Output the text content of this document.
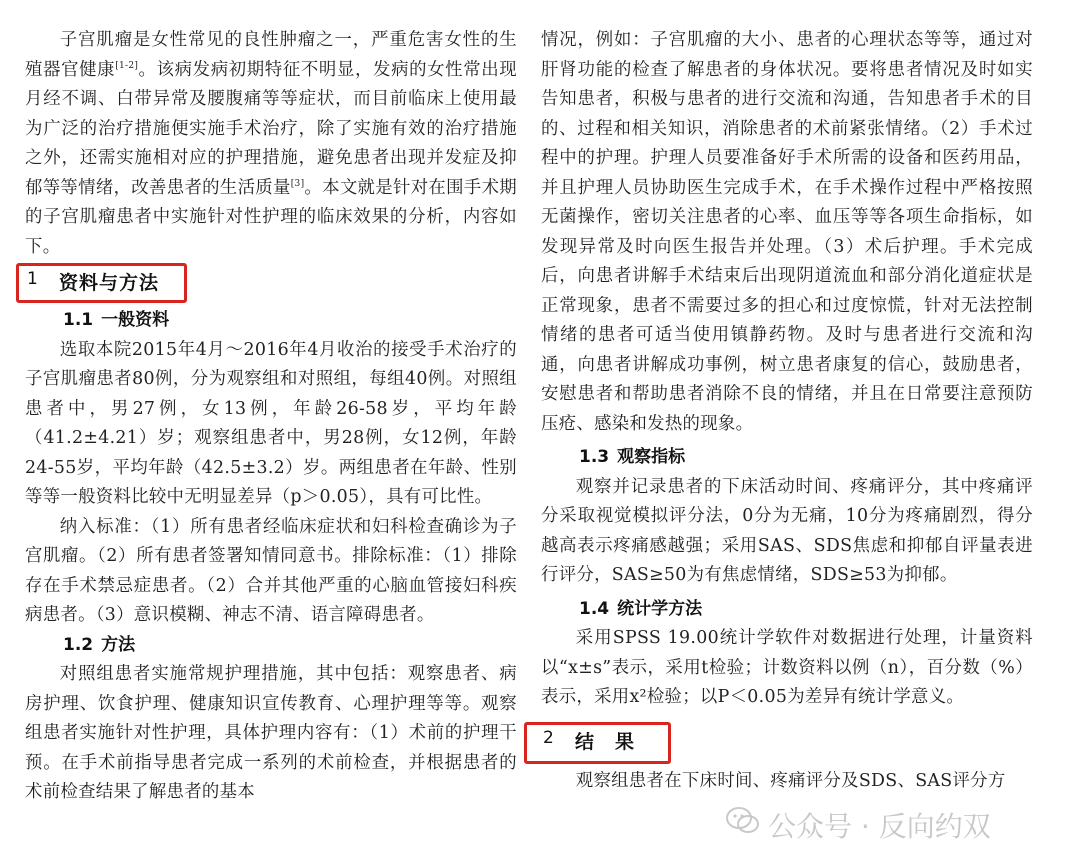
子宫肌瘤是女性常见的良性肿瘤之一，严重危害女性的生殖器官健康[1-2]。该病发病初期特征不明显，发病的女性常出现月经不调、白带异常及腰腹痛等等症状，而目前临床上使用最为广泛的治疗措施便实施手术治疗，除了实施有效的治疗措施之外，还需实施相对应的护理措施，避免患者出现并发症及抑郁等等情绪，改善患者的生活质量[3]。本文就是针对在围手术期的子宫肌瘤患者中实施针对性护理的临床效果的分析，内容如下。

1 资料与方法

1.1 一般资料

选取本院2015年4月～2016年4月收治的接受手术治疗的子宫肌瘤患者80例，分为观察组和对照组，每组40例。对照组患者中，男27例，女13例，年龄26-58岁，平均年龄（41.2±4.21）岁；观察组患者中，男28例，女12例，年龄24-55岁，平均年龄（42.5±3.2）岁。两组患者在年龄、性别等等一般资料比较中无明显差异（p＞0.05），具有可比性。

纳入标准：（1）所有患者经临床症状和妇科检查确诊为子宫肌瘤。（2）所有患者签署知情同意书。排除标准：（1）排除存在手术禁忌症患者。（2）合并其他严重的心脑血管接妇科疾病患者。（3）意识模糊、神志不清、语言障碍患者。

1.2 方法

对照组患者实施常规护理措施，其中包括：观察患者、病房护理、饮食护理、健康知识宣传教育、心理护理等等。观察组患者实施针对性护理，具体护理内容有：（1）术前的护理干预。在手术前指导患者完成一系列的术前检查，并根据患者的术前检查结果了解患者的基本

情况，例如：子宫肌瘤的大小、患者的心理状态等等，通过对肝肾功能的检查了解患者的身体状况。要将患者情况及时如实告知患者，积极与患者的进行交流和沟通，告知患者手术的目的、过程和相关知识，消除患者的术前紧张情绪。（2）手术过程中的护理。护理人员要准备好手术所需的设备和医药用品，并且护理人员协助医生完成手术，在手术操作过程中严格按照无菌操作，密切关注患者的心率、血压等等各项生命指标，如发现异常及时向医生报告并处理。（3）术后护理。手术完成后，向患者讲解手术结束后出现阴道流血和部分消化道症状是正常现象，患者不需要过多的担心和过度惊慌，针对无法控制情绪的患者可适当使用镇静药物。及时与患者进行交流和沟通，向患者讲解成功事例，树立患者康复的信心，鼓励患者，安慰患者和帮助患者消除不良的情绪，并且在日常要注意预防压疮、感染和发热的现象。

1.3 观察指标

观察并记录患者的下床活动时间、疼痛评分，其中疼痛评分采取视觉模拟评分法，0分为无痛，10分为疼痛剧烈，得分越高表示疼痛感越强；采用SAS、SDS焦虑和抑郁自评量表进行评分，SAS≥50为有焦虑情绪，SDS≥53为抑郁。

1.4 统计学方法

采用SPSS 19.00统计学软件对数据进行处理，计量资料以“x±s”表示，采用t检验；计数资料以例（n），百分数（%）表示，采用x²检验；以P＜0.05为差异有统计学意义。

2 结　果

观察组患者在下床时间、疼痛评分及SDS、SAS评分方

公众号 · 反向约双
